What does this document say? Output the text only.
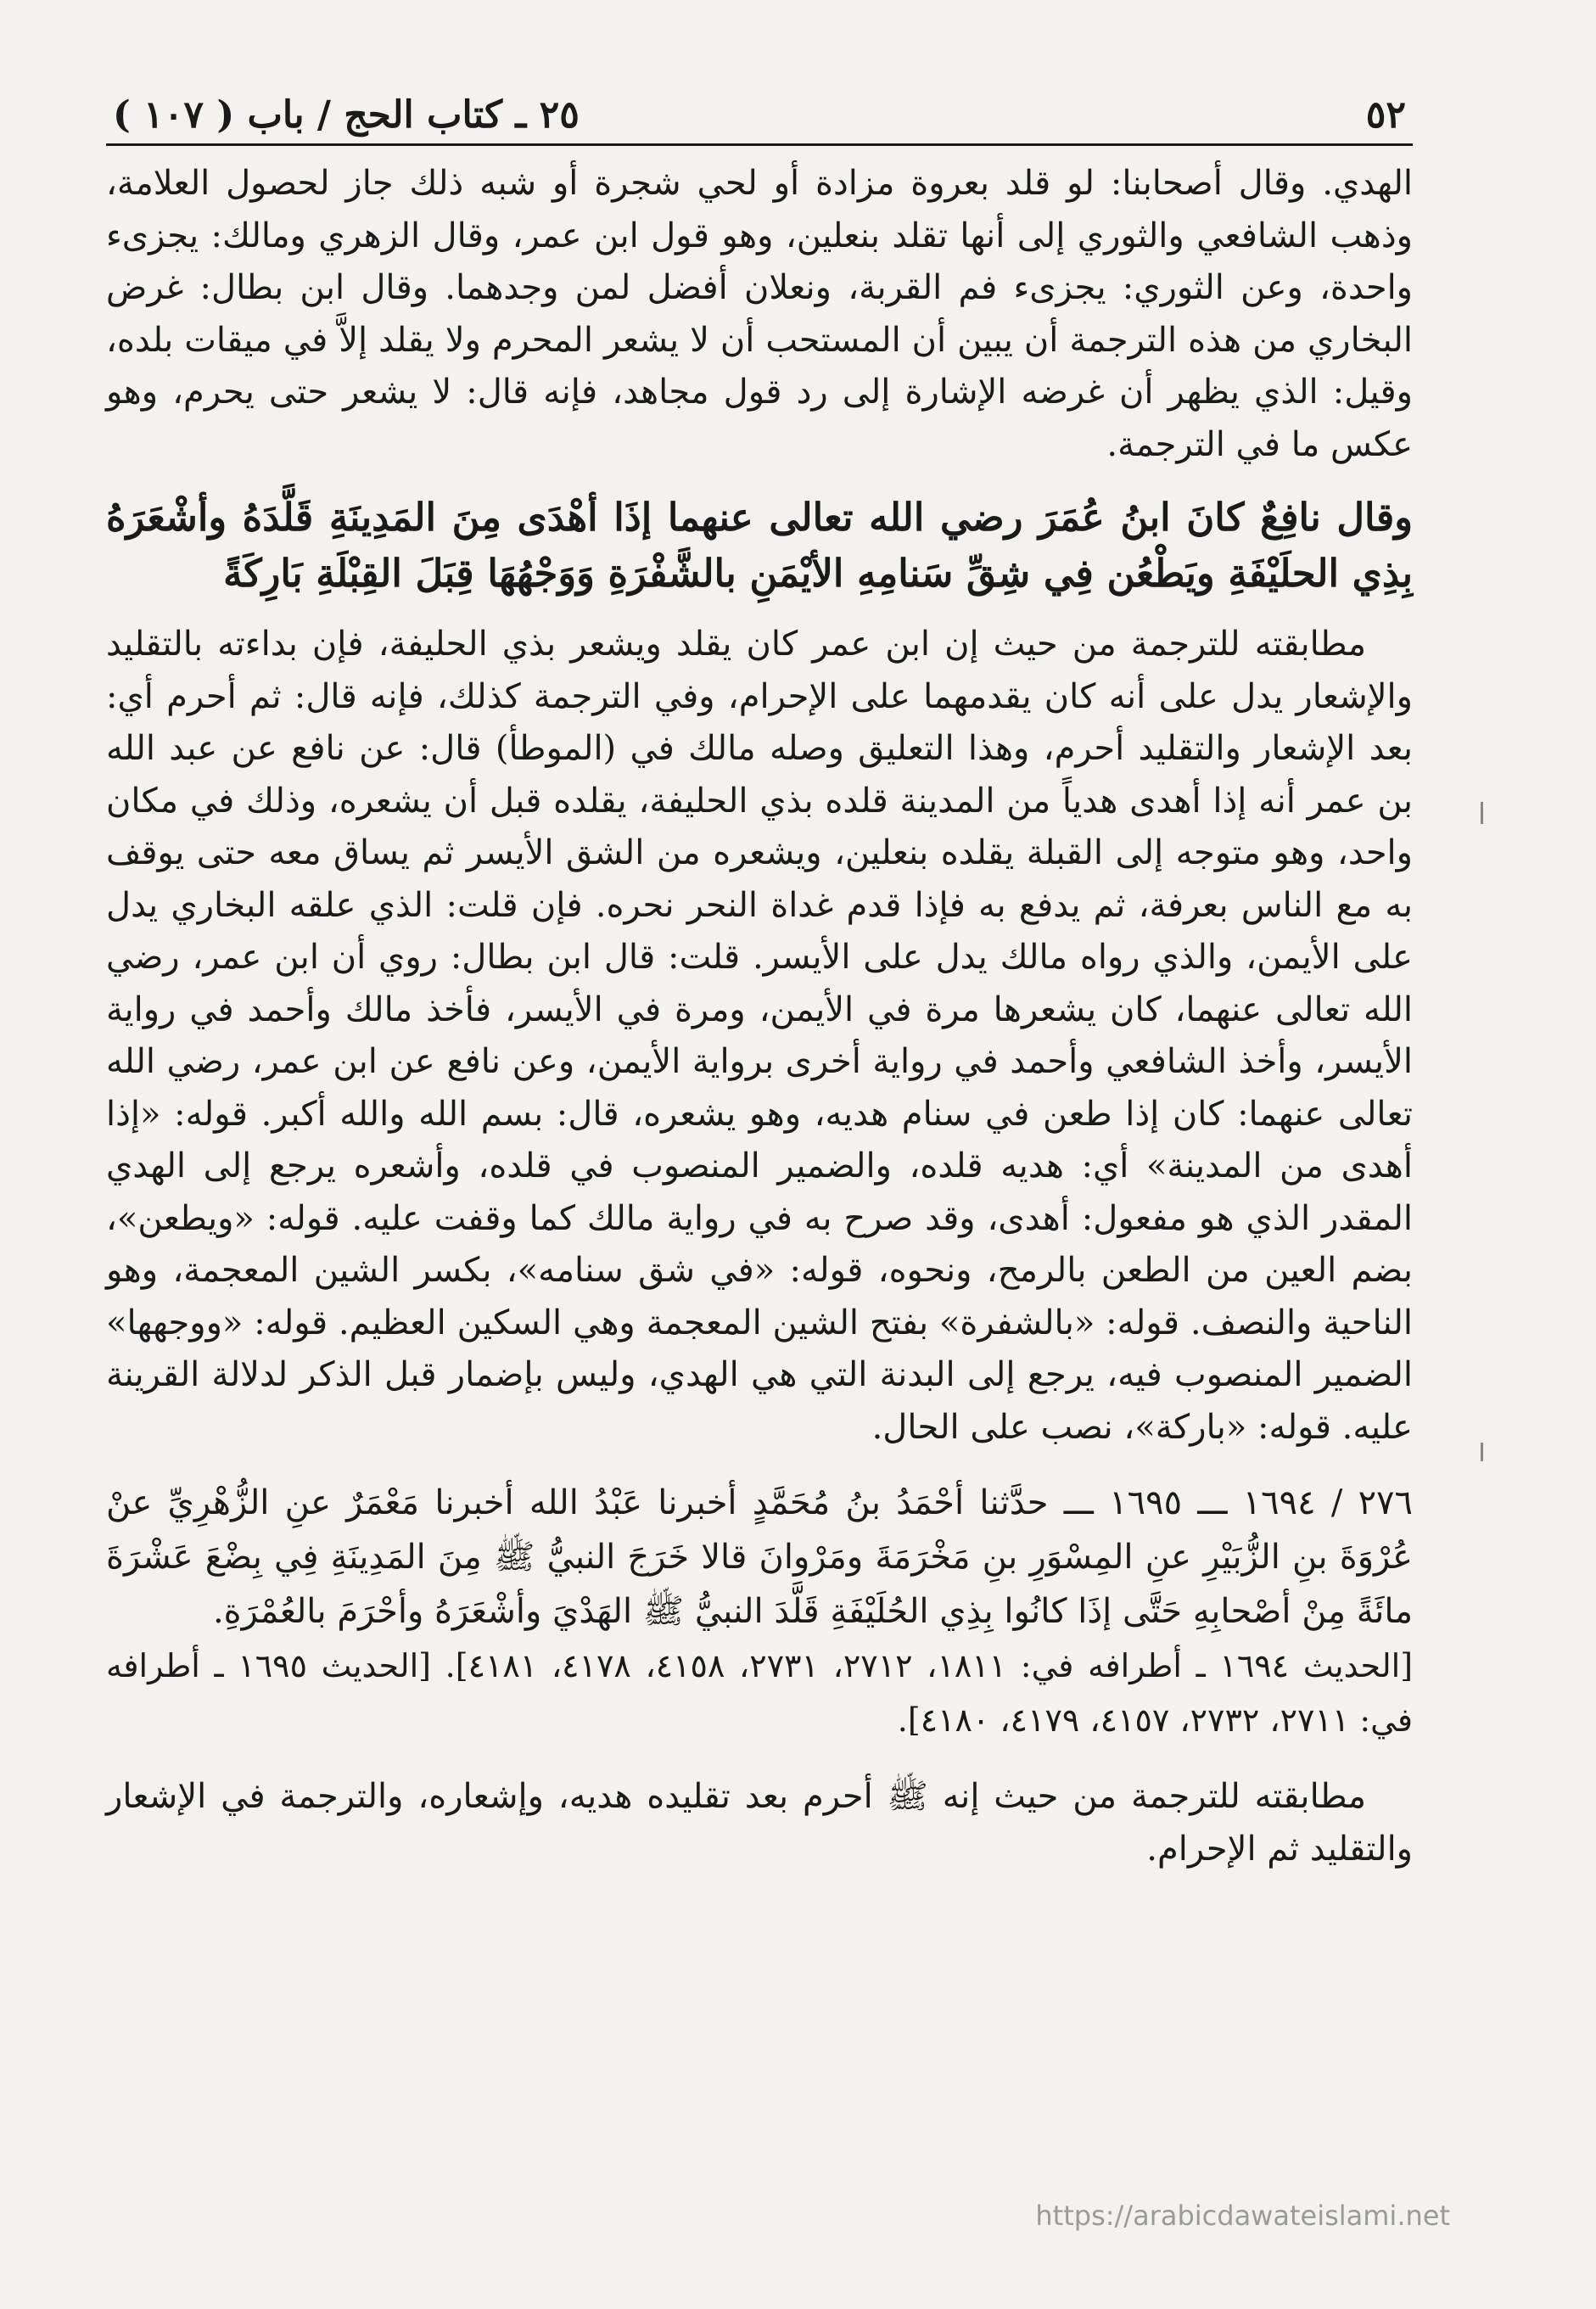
٥٢
٢٥ ـ كتاب الحج / باب ( ١٠٧ )

الهدي. وقال أصحابنا: لو قلد بعروة مزادة أو لحي شجرة أو شبه ذلك جاز لحصول العلامة، وذهب الشافعي والثوري إلى أنها تقلد بنعلين، وهو قول ابن عمر، وقال الزهري ومالك: يجزىء واحدة، وعن الثوري: يجزىء فم القربة، ونعلان أفضل لمن وجدهما. وقال ابن بطال: غرض البخاري من هذه الترجمة أن يبين أن المستحب أن لا يشعر المحرم ولا يقلد إلاَّ في ميقات بلده، وقيل: الذي يظهر أن غرضه الإشارة إلى رد قول مجاهد، فإنه قال: لا يشعر حتى يحرم، وهو عكس ما في الترجمة.

وقال نافِعٌ كانَ ابنُ عُمَرَ رضي الله تعالى عنهما إذَا أهْدَى مِنَ المَدِينَةِ قَلَّدَهُ وأشْعَرَهُ بِذِي الحلَيْفَةِ ويَطْعُن فِي شِقِّ سَنامِهِ الأيْمَنِ بالشَّفْرَةِ وَوَجْهُهَا قِبَلَ القِبْلَةِ بَارِكَةً

مطابقته للترجمة من حيث إن ابن عمر كان يقلد ويشعر بذي الحليفة، فإن بداءته بالتقليد والإشعار يدل على أنه كان يقدمهما على الإحرام، وفي الترجمة كذلك، فإنه قال: ثم أحرم أي: بعد الإشعار والتقليد أحرم، وهذا التعليق وصله مالك في (الموطأ) قال: عن نافع عن عبد الله بن عمر أنه إذا أهدى هدياً من المدينة قلده بذي الحليفة، يقلده قبل أن يشعره، وذلك في مكان واحد، وهو متوجه إلى القبلة يقلده بنعلين، ويشعره من الشق الأيسر ثم يساق معه حتى يوقف به مع الناس بعرفة، ثم يدفع به فإذا قدم غداة النحر نحره. فإن قلت: الذي علقه البخاري يدل على الأيمن، والذي رواه مالك يدل على الأيسر. قلت: قال ابن بطال: روي أن ابن عمر، رضي الله تعالى عنهما، كان يشعرها مرة في الأيمن، ومرة في الأيسر، فأخذ مالك وأحمد في رواية الأيسر، وأخذ الشافعي وأحمد في رواية أخرى برواية الأيمن، وعن نافع عن ابن عمر، رضي الله تعالى عنهما: كان إذا طعن في سنام هديه، وهو يشعره، قال: بسم الله والله أكبر. قوله: «إذا أهدى من المدينة» أي: هديه قلده، والضمير المنصوب في قلده، وأشعره يرجع إلى الهدي المقدر الذي هو مفعول: أهدى، وقد صرح به في رواية مالك كما وقفت عليه. قوله: «ويطعن»، بضم العين من الطعن بالرمح، ونحوه، قوله: «في شق سنامه»، بكسر الشين المعجمة، وهو الناحية والنصف. قوله: «بالشفرة» بفتح الشين المعجمة وهي السكين العظيم. قوله: «ووجهها» الضمير المنصوب فيه، يرجع إلى البدنة التي هي الهدي، وليس بإضمار قبل الذكر لدلالة القرينة عليه. قوله: «باركة»، نصب على الحال.

٢٧٦ / ١٦٩٤ ـــ ١٦٩٥ ـــ حدَّثنا أحْمَدُ بنُ مُحَمَّدٍ أخبرنا عَبْدُ الله أخبرنا مَعْمَرٌ عنِ الزُّهْرِيِّ عنْ عُرْوَةَ بنِ الزُّبَيْرِ عنِ المِسْوَرِ بنِ مَخْرَمَةَ ومَرْوانَ قالا خَرَجَ النبيُّ ﷺ مِنَ المَدِينَةِ فِي بِضْعَ عَشْرَةَ مائَةً مِنْ أصْحابِهِ حَتَّى إذَا كانُوا بِذِي الحُلَيْفَةِ قَلَّدَ النبيُّ ﷺ الهَدْيَ وأشْعَرَهُ وأحْرَمَ بالعُمْرَةِ.

[الحديث ١٦٩٤ ـ أطرافه في: ١٨١١، ٢٧١٢، ٢٧٣١، ٤١٥٨، ٤١٧٨، ٤١٨١]. [الحديث ١٦٩٥ ـ أطرافه في: ٢٧١١، ٢٧٣٢، ٤١٥٧، ٤١٧٩، ٤١٨٠].

مطابقته للترجمة من حيث إنه ﷺ أحرم بعد تقليده هديه، وإشعاره، والترجمة في الإشعار والتقليد ثم الإحرام.

https://arabicdawateislami.net
